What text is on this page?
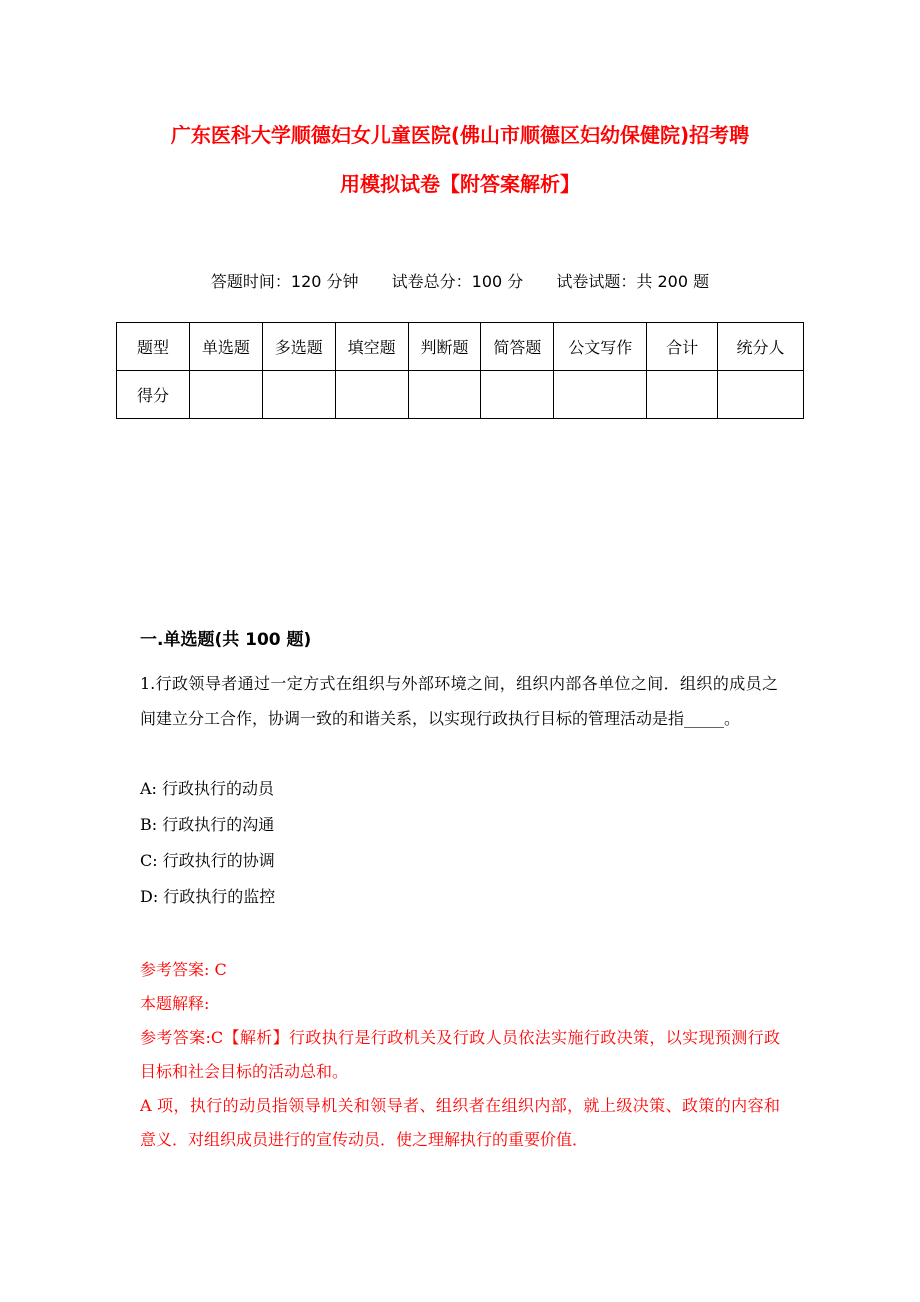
广东医科大学顺德妇女儿童医院(佛山市顺德区妇幼保健院)招考聘
用模拟试卷【附答案解析】
答题时间：120 分钟 试卷总分：100 分 试卷试题：共 200 题
题型	单选题	多选题	填空题	判断题	简答题	公文写作	合计	统分人
得分								
一.单选题(共 100 题)

1.行政领导者通过一定方式在组织与外部环境之间，组织内部各单位之间．组织的成员之间建立分工合作，协调一致的和谐关系，以实现行政执行目标的管理活动是指_____。

A: 行政执行的动员
B: 行政执行的沟通
C: 行政执行的协调
D: 行政执行的监控

参考答案: C

本题解释:

参考答案:C【解析】行政执行是行政机关及行政人员依法实施行政决策，以实现预测行政目标和社会目标的活动总和。

A 项，执行的动员指领导机关和领导者、组织者在组织内部，就上级决策、政策的内容和意义．对组织成员进行的宣传动员．使之理解执行的重要价值．
